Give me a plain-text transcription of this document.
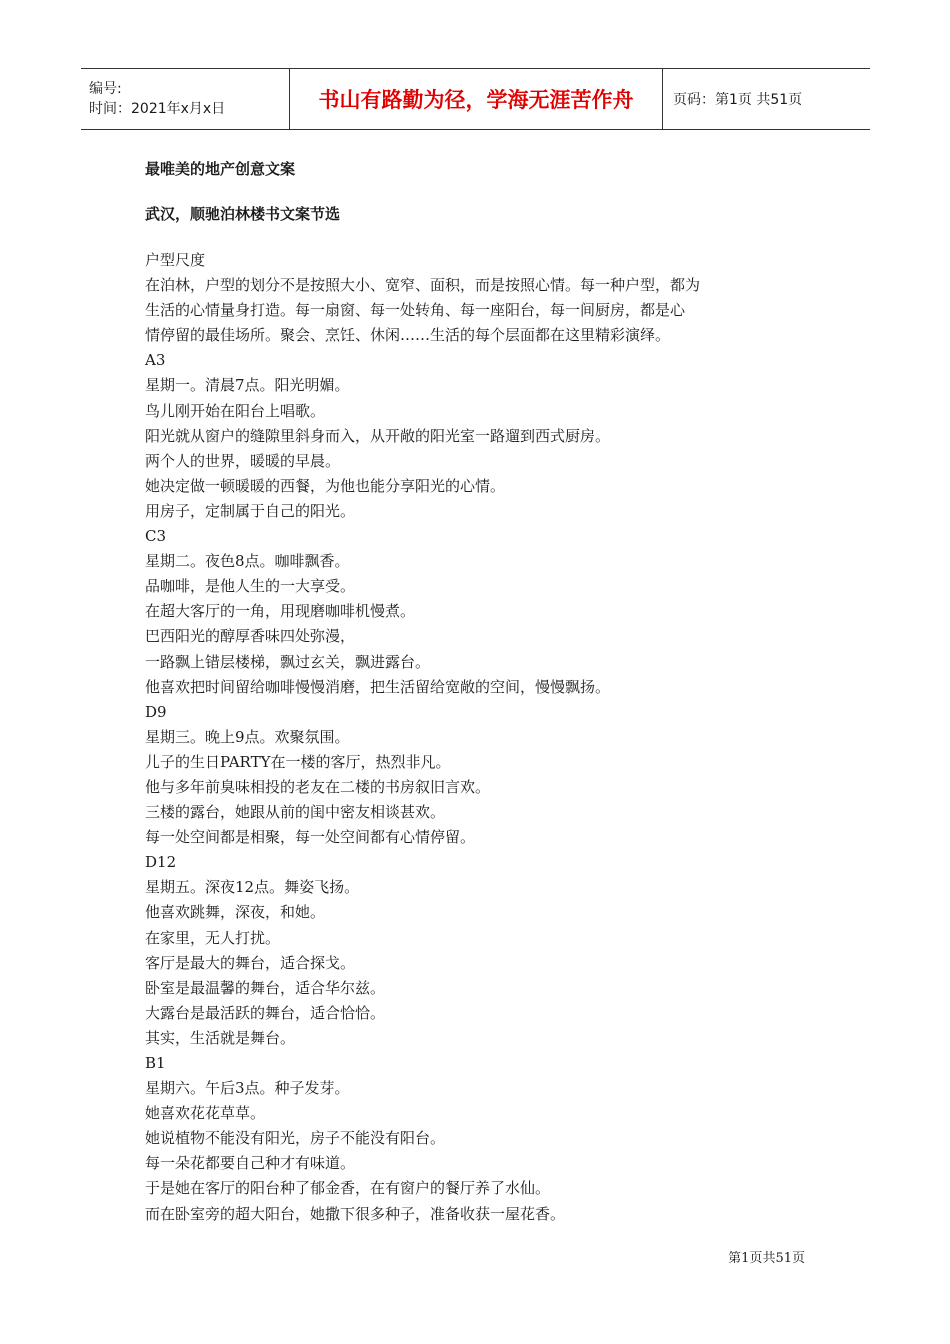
编号:
时间：2021年x月x日	书山有路勤为径，学海无涯苦作舟	页码：第1页 共51页
最唯美的地产创意文案
武汉，顺驰泊林楼书文案节选
户型尺度
在泊林，户型的划分不是按照大小、宽窄、面积，而是按照心情。每一种户型，都为
生活的心情量身打造。每一扇窗、每一处转角、每一座阳台，每一间厨房，都是心
情停留的最佳场所。聚会、烹饪、休闲……生活的每个层面都在这里精彩演绎。
A3
星期一。清晨7点。阳光明媚。
鸟儿刚开始在阳台上唱歌。
阳光就从窗户的缝隙里斜身而入，从开敞的阳光室一路遛到西式厨房。
两个人的世界，暖暖的早晨。
她决定做一顿暖暖的西餐，为他也能分享阳光的心情。
用房子，定制属于自己的阳光。
C3
星期二。夜色8点。咖啡飘香。
品咖啡，是他人生的一大享受。
在超大客厅的一角，用现磨咖啡机慢煮。
巴西阳光的醇厚香味四处弥漫，
一路飘上错层楼梯，飘过玄关，飘进露台。
他喜欢把时间留给咖啡慢慢消磨，把生活留给宽敞的空间，慢慢飘扬。
D9
星期三。晚上9点。欢聚氛围。
儿子的生日PARTY在一楼的客厅，热烈非凡。
他与多年前臭味相投的老友在二楼的书房叙旧言欢。
三楼的露台，她跟从前的闺中密友相谈甚欢。
每一处空间都是相聚，每一处空间都有心情停留。
D12
星期五。深夜12点。舞姿飞扬。
他喜欢跳舞，深夜，和她。
在家里，无人打扰。
客厅是最大的舞台，适合探戈。
卧室是最温馨的舞台，适合华尔兹。
大露台是最活跃的舞台，适合恰恰。
其实，生活就是舞台。
B1
星期六。午后3点。种子发芽。
她喜欢花花草草。
她说植物不能没有阳光，房子不能没有阳台。
每一朵花都要自己种才有味道。
于是她在客厅的阳台种了郁金香，在有窗户的餐厅养了水仙。
而在卧室旁的超大阳台，她撒下很多种子，准备收获一屋花香。
第1页共51页
